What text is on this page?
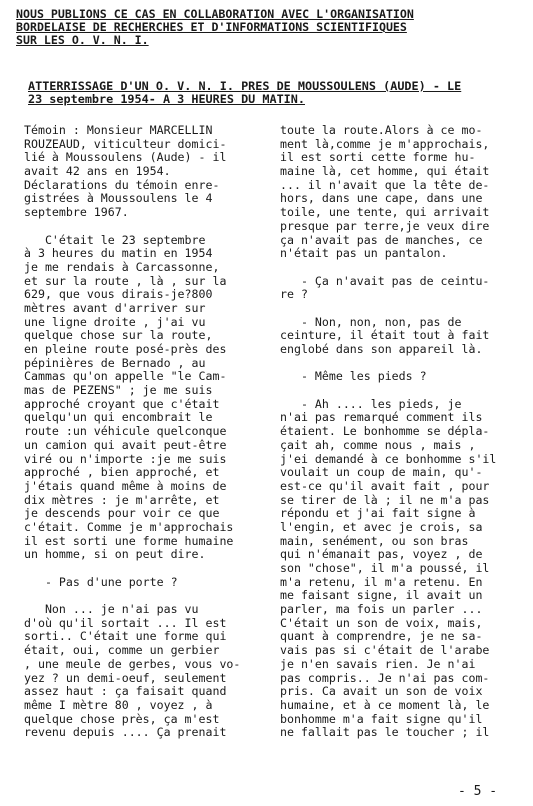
NOUS PUBLIONS CE CAS EN COLLABORATION AVEC L'ORGANISATION
BORDELAISE DE RECHERCHES ET D'INFORMATIONS SCIENTIFIQUES
SUR LES O. V. N. I.
ATTERRISSAGE D'UN O. V. N. I. PRES DE MOUSSOULENS (AUDE) - LE
23 septembre 1954- A 3 HEURES DU MATIN.
Témoin : Monsieur MARCELLIN
ROUZEAUD, viticulteur domici-
lié à Moussoulens (Aude) - il
avait 42 ans en 1954.
Déclarations du témoin enre-
gistrées à Moussoulens le 4
septembre 1967.
C'était le 23 septembre
à 3 heures du matin en 1954
je me rendais à Carcassonne,
et sur la route , là , sur la
629, que vous dirais-je?800
mètres avant d'arriver sur
une ligne droite , j'ai vu
quelque chose sur la route,
en pleine route posé-près des
pépinières de Bernado , au
Cammas qu'on appelle "le Cam-
mas de PEZENS" ; je me suis
approché croyant que c'était
quelqu'un qui encombrait le
route :un véhicule quelconque
un camion qui avait peut-être
viré ou n'importe :je me suis
approché , bien approché, et
j'étais quand même à moins de
dix mètres : je m'arrête, et
je descends pour voir ce que
c'était. Comme je m'approchais
il est sorti une forme humaine
un homme, si on peut dire.
- Pas d'une porte ?
Non ... je n'ai pas vu
d'où qu'il sortait ... Il est
sorti.. C'était une forme qui
était, oui, comme un gerbier
, une meule de gerbes, vous vo-
yez ? un demi-oeuf, seulement
assez haut : ça faisait quand
même I mètre 80 , voyez , à
quelque chose près, ça m'est
revenu depuis .... Ça prenait
toute la route.Alors à ce mo-
ment là,comme je m'approchais,
il est sorti cette forme hu-
maine là, cet homme, qui était
... il n'avait que la tête de-
hors, dans une cape, dans une
toile, une tente, qui arrivait
presque par terre,je veux dire
ça n'avait pas de manches, ce
n'était pas un pantalon.
- Ça n'avait pas de ceintu-
re ?
- Non, non, non, pas de
ceinture, il était tout à fait
englobé dans son appareil là.
- Même les pieds ?
- Ah .... les pieds, je
n'ai pas remarqué comment ils
étaient. Le bonhomme se dépla-
çait ah, comme nous , mais ,
j'ei demandé à ce bonhomme s'il
voulait un coup de main, qu'-
est-ce qu'il avait fait , pour
se tirer de là ; il ne m'a pas
répondu et j'ai fait signe à
l'engin, et avec je crois, sa
main, senément, ou son bras
qui n'émanait pas, voyez , de
son "chose", il m'a poussé, il
m'a retenu, il m'a retenu. En
me faisant signe, il avait un
parler, ma fois un parler ...
C'était un son de voix, mais,
quant à comprendre, je ne sa-
vais pas si c'était de l'arabe
je n'en savais rien. Je n'ai
pas compris.. Je n'ai pas com-
pris. Ca avait un son de voix
humaine, et à ce moment là, le
bonhomme m'a fait signe qu'il
ne fallait pas le toucher ; il
- 5 -
